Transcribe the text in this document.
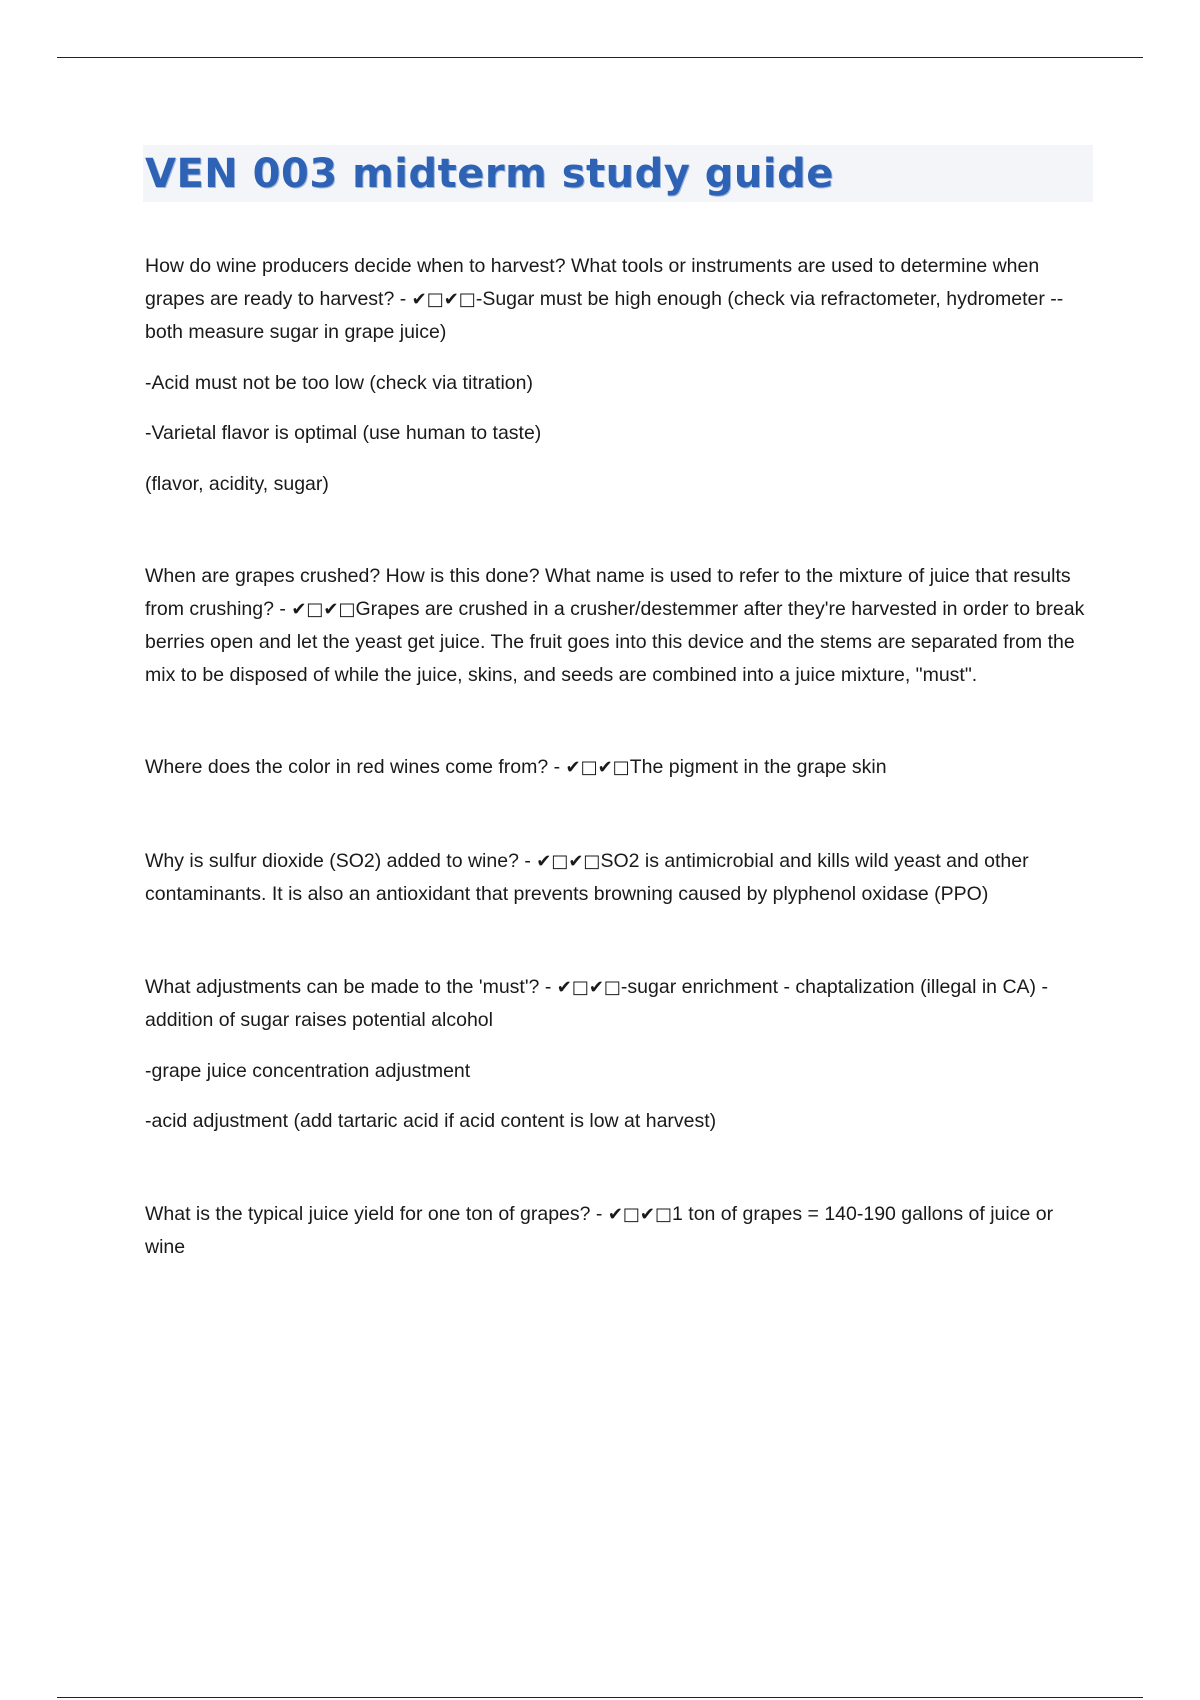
VEN 003 midterm study guide

How do wine producers decide when to harvest? What tools or instruments are used to determine when grapes are ready to harvest? - ✔□✔□-Sugar must be high enough (check via refractometer, hydrometer -- both measure sugar in grape juice)

-Acid must not be too low (check via titration)

-Varietal flavor is optimal (use human to taste)

(flavor, acidity, sugar)

When are grapes crushed? How is this done? What name is used to refer to the mixture of juice that results from crushing? - ✔□✔□Grapes are crushed in a crusher/destemmer after they're harvested in order to break berries open and let the yeast get juice. The fruit goes into this device and the stems are separated from the mix to be disposed of while the juice, skins, and seeds are combined into a juice mixture, "must".

Where does the color in red wines come from? - ✔□✔□The pigment in the grape skin

Why is sulfur dioxide (SO2) added to wine? - ✔□✔□SO2 is antimicrobial and kills wild yeast and other contaminants. It is also an antioxidant that prevents browning caused by plyphenol oxidase (PPO)

What adjustments can be made to the 'must'? - ✔□✔□-sugar enrichment - chaptalization (illegal in CA) - addition of sugar raises potential alcohol

-grape juice concentration adjustment

-acid adjustment (add tartaric acid if acid content is low at harvest)

What is the typical juice yield for one ton of grapes? - ✔□✔□1 ton of grapes = 140-190 gallons of juice or wine
